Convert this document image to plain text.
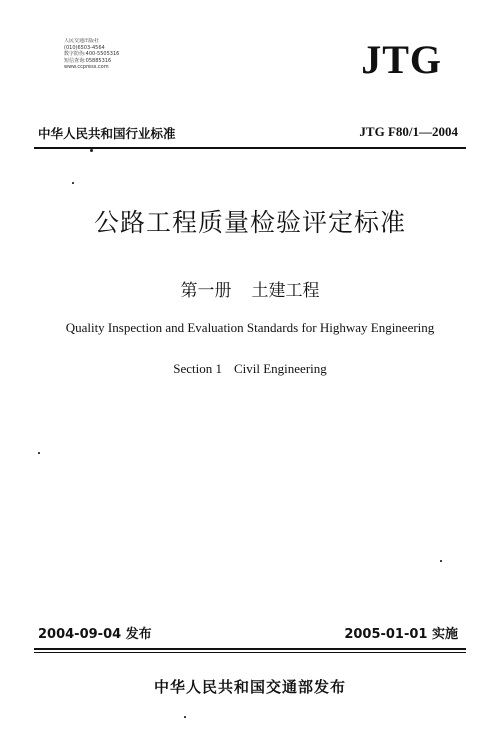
人民交通出版社
(010)6503-4564
数字防伪:400-5505316
短信查询:05885316
www.ccpress.com	JTG
中华人民共和国行业标准	JTG F80/1—2004
公路工程质量检验评定标准
第一册 土建工程
Quality Inspection and Evaluation Standards for Highway Engineering
Section 1 Civil Engineering
2004-09-04 发布	2005-01-01 实施
中华人民共和国交通部发布
